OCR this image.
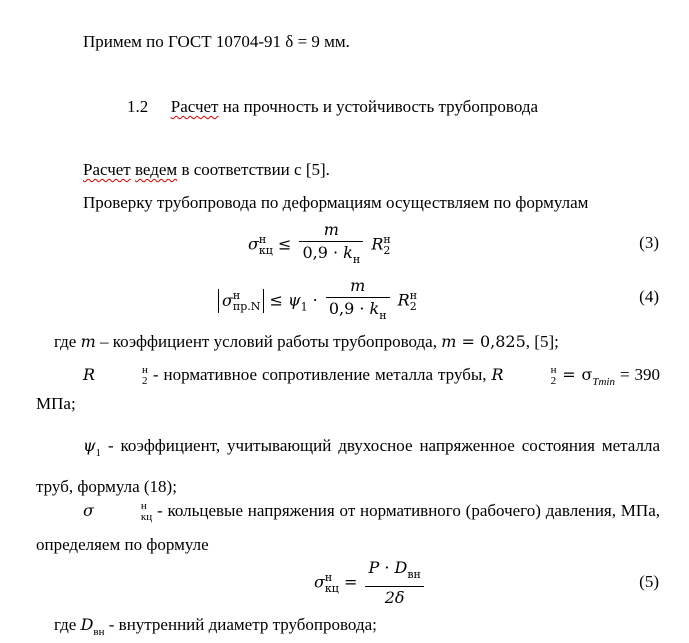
Примем по ГОСТ 10704-91 δ = 9 мм.
1.2 Расчет на прочность и устойчивость трубопровода
Расчет ведем в соответствии с [5].
Проверку трубопровода по деформациям осуществляем по формулам
σ н
кц ≤ $\frac{m}{0,9 \cdot k_н}$ R н
2	(3)
σ н
$пр.N \le \psi_1 \cdot \frac{m}{0,9 \cdot k_н}$ R н
2
(4)
где m – коэффициент условий работы трубопровода, m = 0,825, [5];
R	н
2 - нормативное сопротивление металла трубы, R	н
$2 = \sigma_{Tmin} = 390$ МПа;
$\psi_1$ - коэффициент, учитывающий двухосное напряженное состояния металла труб, формула (18);
σ	н
кц - кольцевые напряжения от нормативного (рабочего) давления, МПа, определяем по формуле
σ н
кц = $\frac{P \cdot D_{вн}}{2\delta}$	(5)
где $D_{вн}$ - внутренний диаметр трубопровода;
